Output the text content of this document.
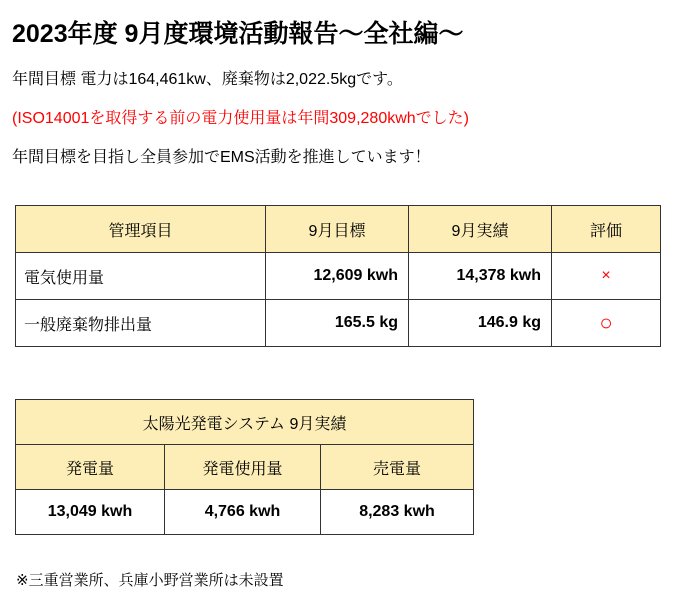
2023年度 9月度環境活動報告～全社編～
年間目標 電力は164,461kw、廃棄物は2,022.5kgです。
(ISO14001を取得する前の電力使用量は年間309,280kwhでした)
年間目標を目指し全員参加でEMS活動を推進しています！
管理項目	9月目標	9月実績	評価
電気使用量	12,609 kwh	14,378 kwh	×
一般廃棄物排出量	165.5 kg	146.9 kg	○
太陽光発電システム 9月実績		
発電量	発電使用量	売電量
13,049 kwh	4,766 kwh	8,283 kwh
※三重営業所、兵庫小野営業所は未設置
